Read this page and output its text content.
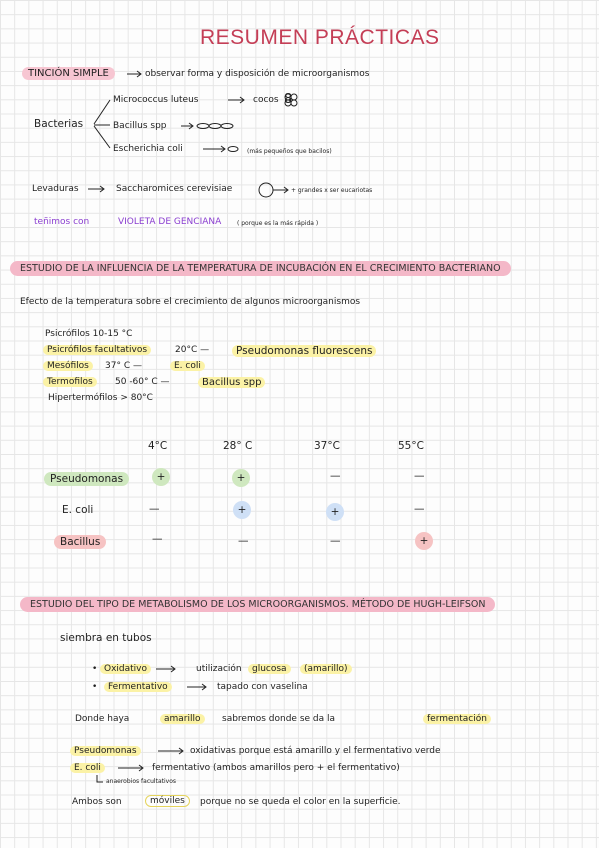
RESUMEN PRÁCTICAS
TINCIÓN SIMPLE	observar forma y disposición de microorganismos
Bacterias
Micrococcus luteus	cocos 8
Bacillus spp
Escherichia coli	(más pequeños que bacilos)
Levaduras	Saccharomices cerevisiae	+ grandes x ser eucariotas
teñimos con	VIOLETA DE GENCIANA	( porque es la más rápida )
ESTUDIO DE LA INFLUENCIA DE LA TEMPERATURA DE INCUBACIÓN EN EL CRECIMIENTO BACTERIANO
Efecto de la temperatura sobre el crecimiento de algunos microorganismos
Psicrófilos 10-15 °C
Psicrófilos facultativos	20°C —	Pseudomonas fluorescens
Mesófilos	37° C —	E. coli
Termofilos	50 -60° C —	Bacillus spp
Hipertermófilos > 80°C
4°C	28° C	37°C	55°C
Pseudomonas	+	+	—	—
E. coli	—	+	+	—
Bacillus	—	—	—	+
ESTUDIO DEL TIPO DE METABOLISMO DE LOS MICROORGANISMOS. MÉTODO DE HUGH-LEIFSON
siembra en tubos
• Oxidativo	utilización	glucosa	(amarillo)
•	Fermentativo	tapado con vaselina
Donde haya	amarillo	sabremos donde se da la	fermentación
Pseudomonas	oxidativas porque está amarillo y el fermentativo verde
E. coli	fermentativo (ambos amarillos pero + el fermentativo)
anaerobios facultativos
Ambos son	móviles	porque no se queda el color en la superficie.
